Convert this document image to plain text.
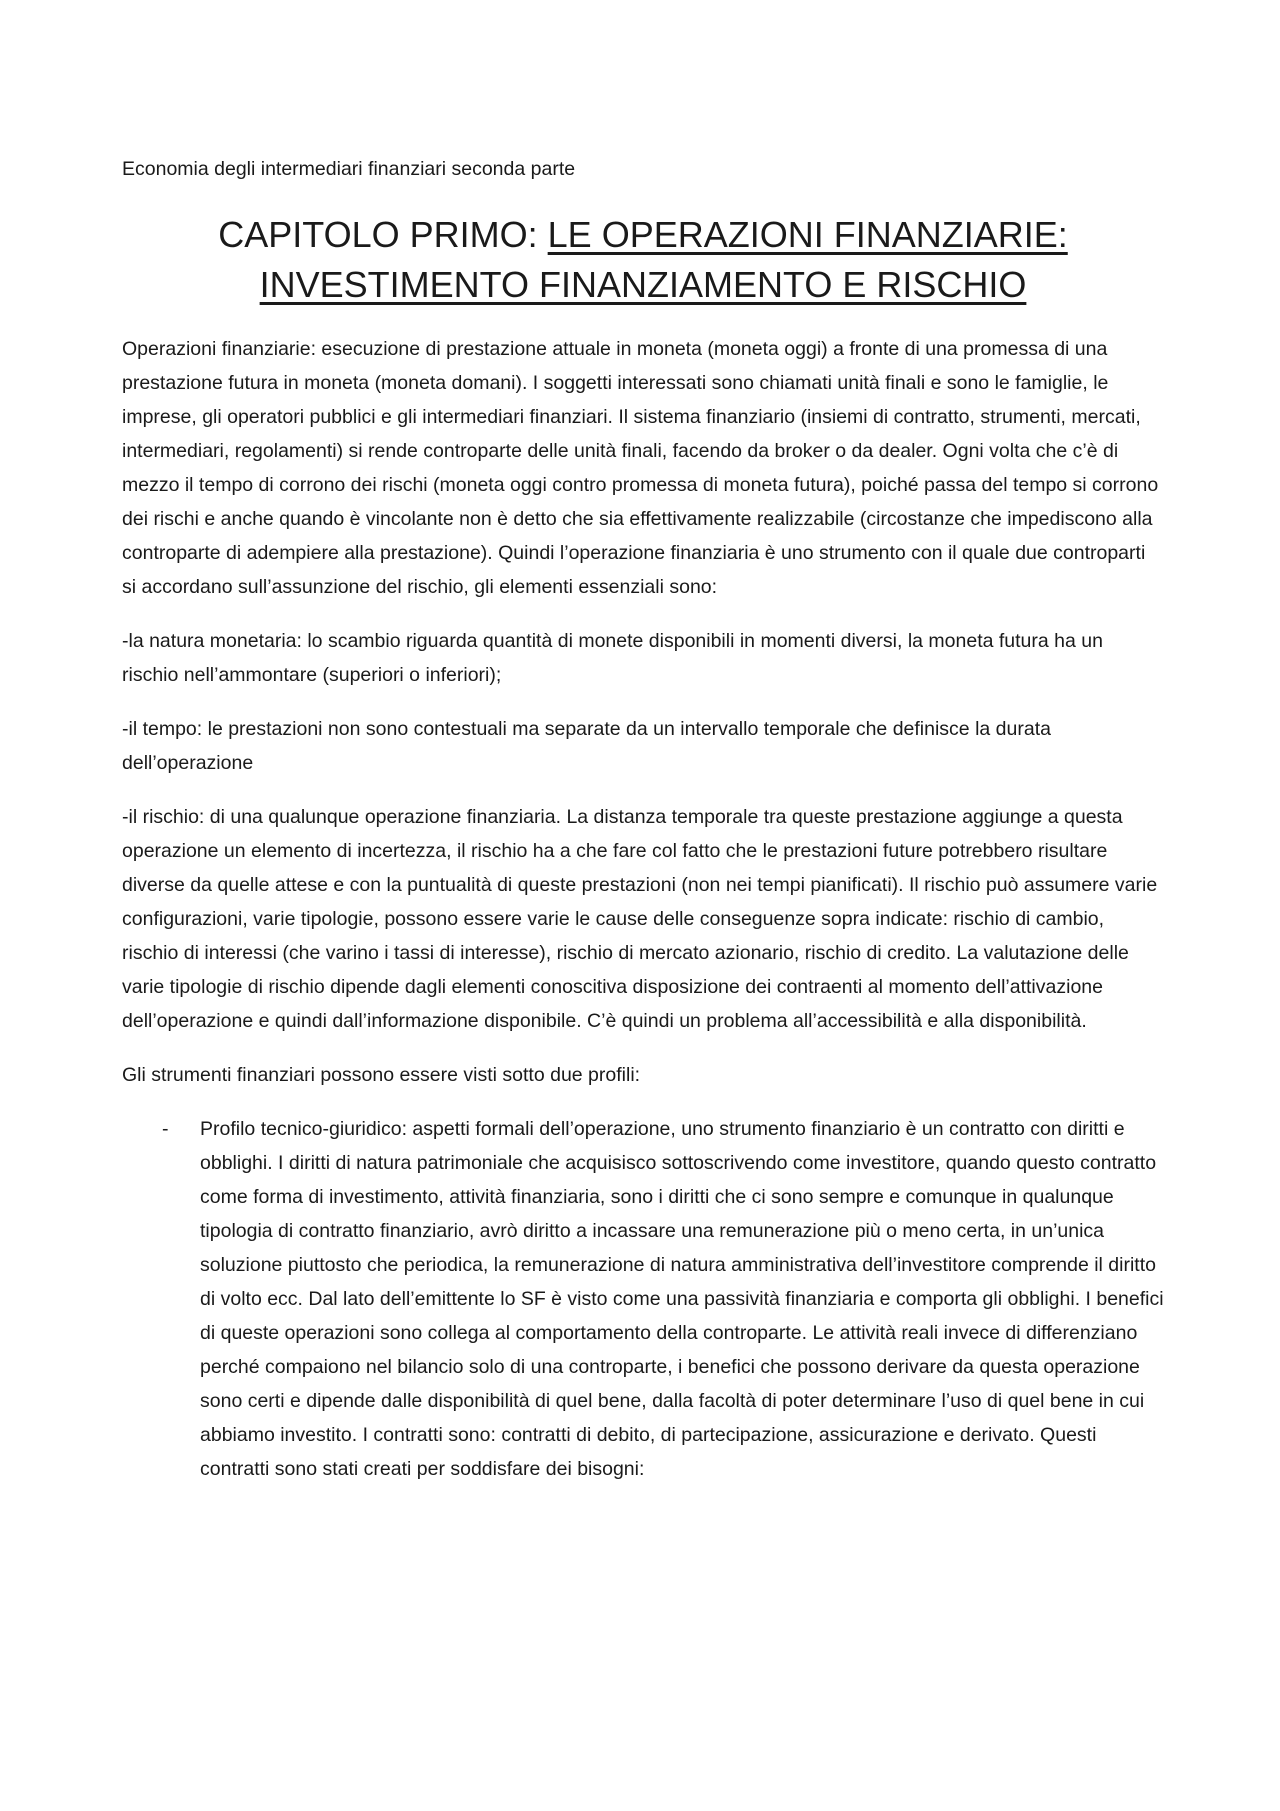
Economia degli intermediari finanziari seconda parte

CAPITOLO PRIMO: LE OPERAZIONI FINANZIARIE:
INVESTIMENTO FINANZIAMENTO E RISCHIO

Operazioni finanziarie: esecuzione di prestazione attuale in moneta (moneta oggi) a fronte di una promessa di una prestazione futura in moneta (moneta domani). I soggetti interessati sono chiamati unità finali e sono le famiglie, le imprese, gli operatori pubblici e gli intermediari finanziari. Il sistema finanziario (insiemi di contratto, strumenti, mercati, intermediari, regolamenti) si rende controparte delle unità finali, facendo da broker o da dealer. Ogni volta che c’è di mezzo il tempo di corrono dei rischi (moneta oggi contro promessa di moneta futura), poiché passa del tempo si corrono dei rischi e anche quando è vincolante non è detto che sia effettivamente realizzabile (circostanze che impediscono alla controparte di adempiere alla prestazione). Quindi l’operazione finanziaria è uno strumento con il quale due controparti si accordano sull’assunzione del rischio, gli elementi essenziali sono:

-la natura monetaria: lo scambio riguarda quantità di monete disponibili in momenti diversi, la moneta futura ha un rischio nell’ammontare (superiori o inferiori);

-il tempo: le prestazioni non sono contestuali ma separate da un intervallo temporale che definisce la durata dell’operazione

-il rischio: di una qualunque operazione finanziaria. La distanza temporale tra queste prestazione aggiunge a questa operazione un elemento di incertezza, il rischio ha a che fare col fatto che le prestazioni future potrebbero risultare diverse da quelle attese e con la puntualità di queste prestazioni (non nei tempi pianificati). Il rischio può assumere varie configurazioni, varie tipologie, possono essere varie le cause delle conseguenze sopra indicate: rischio di cambio, rischio di interessi (che varino i tassi di interesse), rischio di mercato azionario, rischio di credito. La valutazione delle varie tipologie di rischio dipende dagli elementi conoscitiva disposizione dei contraenti al momento dell’attivazione dell’operazione e quindi dall’informazione disponibile. C’è quindi un problema all’accessibilità e alla disponibilità.

Gli strumenti finanziari possono essere visti sotto due profili:

- Profilo tecnico-giuridico: aspetti formali dell’operazione, uno strumento finanziario è un contratto con diritti e obblighi. I diritti di natura patrimoniale che acquisisco sottoscrivendo come investitore, quando questo contratto come forma di investimento, attività finanziaria, sono i diritti che ci sono sempre e comunque in qualunque tipologia di contratto finanziario, avrò diritto a incassare una remunerazione più o meno certa, in un’unica soluzione piuttosto che periodica, la remunerazione di natura amministrativa dell’investitore comprende il diritto di volto ecc. Dal lato dell’emittente lo SF è visto come una passività finanziaria e comporta gli obblighi. I benefici di queste operazioni sono collega al comportamento della controparte. Le attività reali invece di differenziano perché compaiono nel bilancio solo di una controparte, i benefici che possono derivare da questa operazione sono certi e dipende dalle disponibilità di quel bene, dalla facoltà di poter determinare l’uso di quel bene in cui abbiamo investito. I contratti sono: contratti di debito, di partecipazione, assicurazione e derivato. Questi contratti sono stati creati per soddisfare dei bisogni:
